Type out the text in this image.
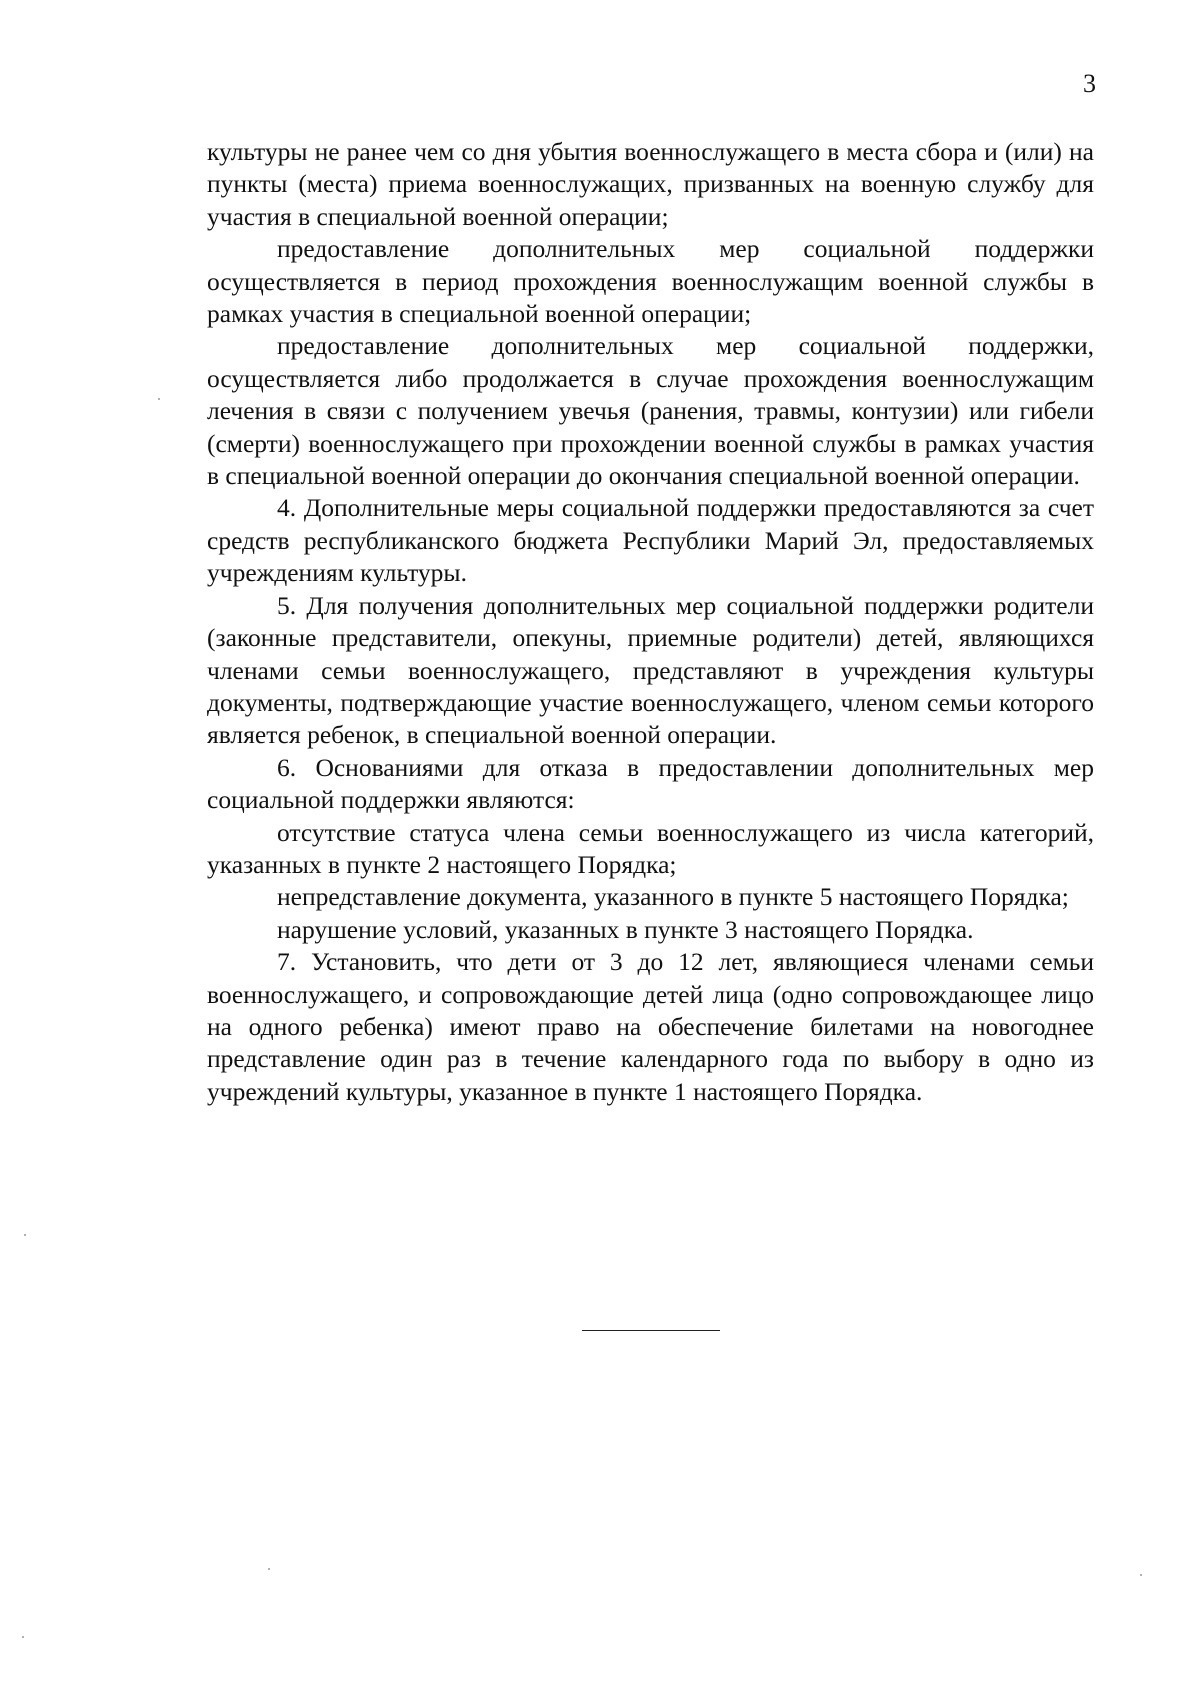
3

культуры не ранее чем со дня убытия военнослужащего в места сбора и (или) на пункты (места) приема военнослужащих, призванных на военную службу для участия в специальной военной операции;

предоставление дополнительных мер социальной поддержки осуществляется в период прохождения военнослужащим военной службы в рамках участия в специальной военной операции;

предоставление дополнительных мер социальной поддержки, осуществляется либо продолжается в случае прохождения военнослужащим лечения в связи с получением увечья (ранения, травмы, контузии) или гибели (смерти) военнослужащего при прохождении военной службы в рамках участия в специальной военной операции до окончания специальной военной операции.

4. Дополнительные меры социальной поддержки предоставляются за счет средств республиканского бюджета Республики Марий Эл, предоставляемых учреждениям культуры.

5. Для получения дополнительных мер социальной поддержки родители (законные представители, опекуны, приемные родители) детей, являющихся членами семьи военнослужащего, представляют в учреждения культуры документы, подтверждающие участие военнослужащего, членом семьи которого является ребенок, в специальной военной операции.

6. Основаниями для отказа в предоставлении дополнительных мер социальной поддержки являются:

отсутствие статуса члена семьи военнослужащего из числа категорий, указанных в пункте 2 настоящего Порядка;

непредставление документа, указанного в пункте 5 настоящего Порядка;

нарушение условий, указанных в пункте 3 настоящего Порядка.

7. Установить, что дети от 3 до 12 лет, являющиеся членами семьи военнослужащего, и сопровождающие детей лица (одно сопровождающее лицо на одного ребенка) имеют право на обеспечение билетами на новогоднее представление один раз в течение календарного года по выбору в одно из учреждений культуры, указанное в пункте 1 настоящего Порядка.
